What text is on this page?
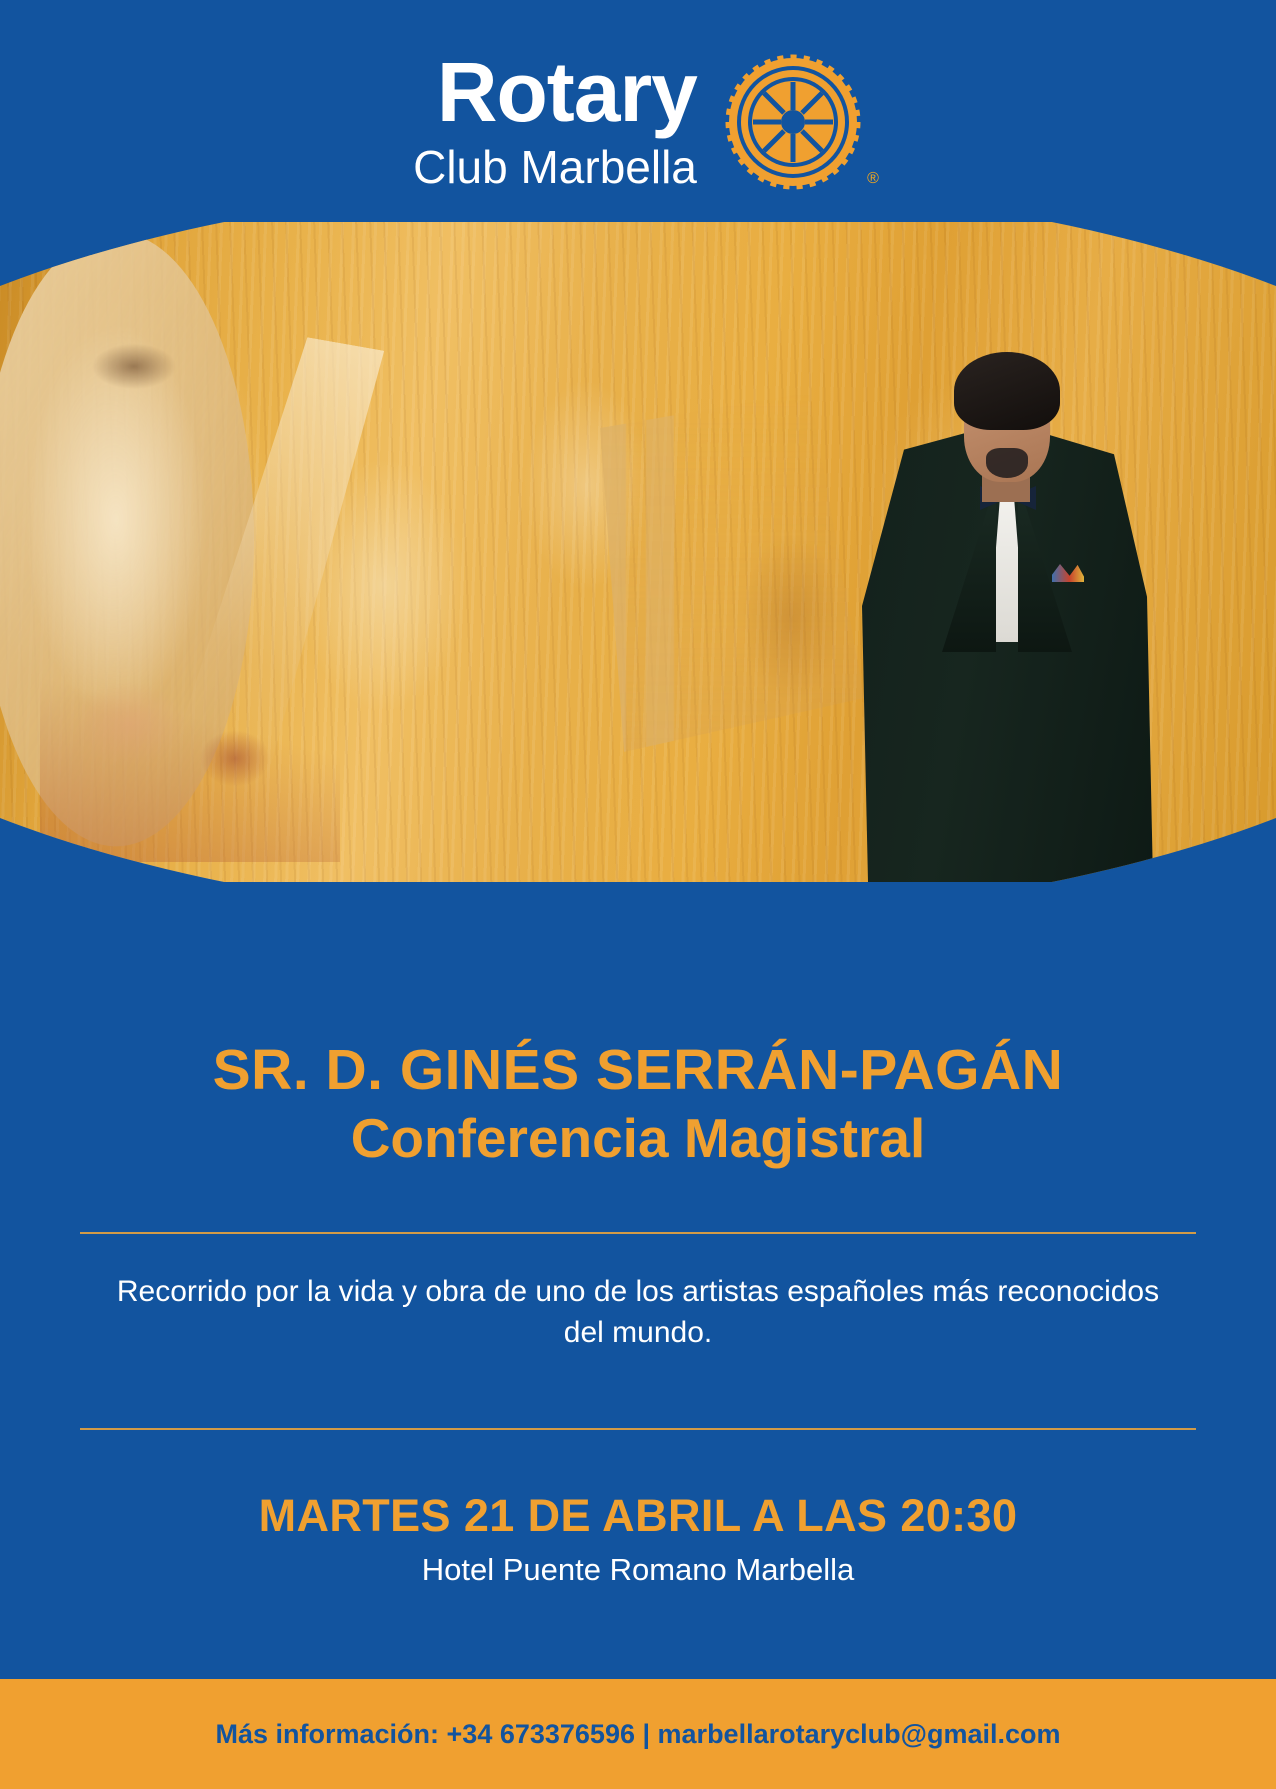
Rotary
Club Marbella	®
SR. D. GINÉS SERRÁN-PAGÁN
Conferencia Magistral
Recorrido por la vida y obra de uno de los artistas españoles más reconocidos del mundo.
MARTES 21 DE ABRIL A LAS 20:30
Hotel Puente Romano Marbella
Más información: +34 673376596 | marbellarotaryclub@gmail.com
